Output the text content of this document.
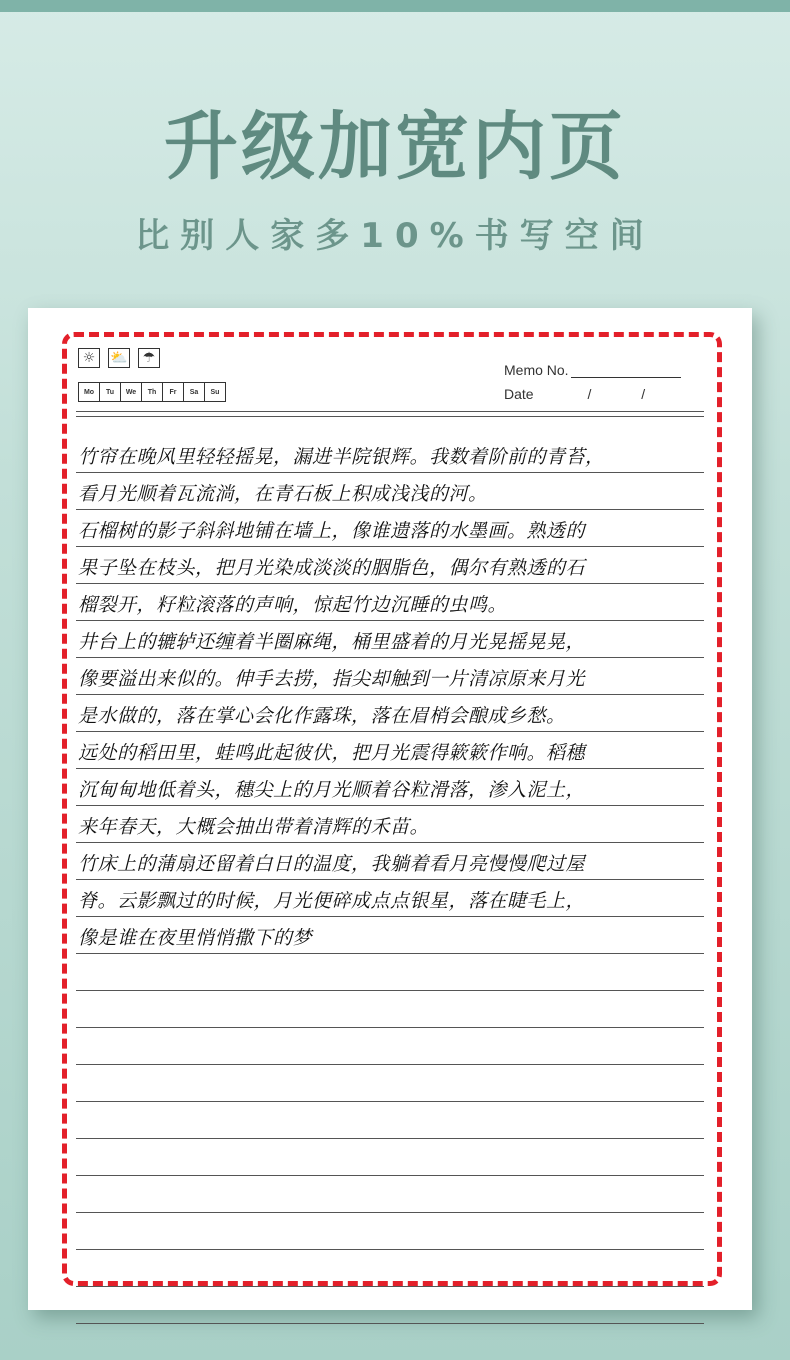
升级加宽内页
比别人家多10%书写空间
☼	⛅	☂
Mo	Tu	We	Th	Fr	Sa	Su
Memo No.
Date	/	/
竹帘在晚风里轻轻摇晃，漏进半院银辉。我数着阶前的青苔，
看月光顺着瓦流淌，在青石板上积成浅浅的河。
石榴树的影子斜斜地铺在墙上，像谁遗落的水墨画。熟透的
果子坠在枝头，把月光染成淡淡的胭脂色，偶尔有熟透的石
榴裂开，籽粒滚落的声响，惊起竹边沉睡的虫鸣。
井台上的辘轳还缠着半圈麻绳，桶里盛着的月光晃摇晃晃，
像要溢出来似的。伸手去捞，指尖却触到一片清凉原来月光
是水做的，落在掌心会化作露珠，落在眉梢会酿成乡愁。
远处的稻田里，蛙鸣此起彼伏，把月光震得簌簌作响。稻穗
沉甸甸地低着头，穗尖上的月光顺着谷粒滑落，渗入泥土，
来年春天，大概会抽出带着清辉的禾苗。
竹床上的蒲扇还留着白日的温度，我躺着看月亮慢慢爬过屋
脊。云影飘过的时候，月光便碎成点点银星，落在睫毛上，
像是谁在夜里悄悄撒下的梦
